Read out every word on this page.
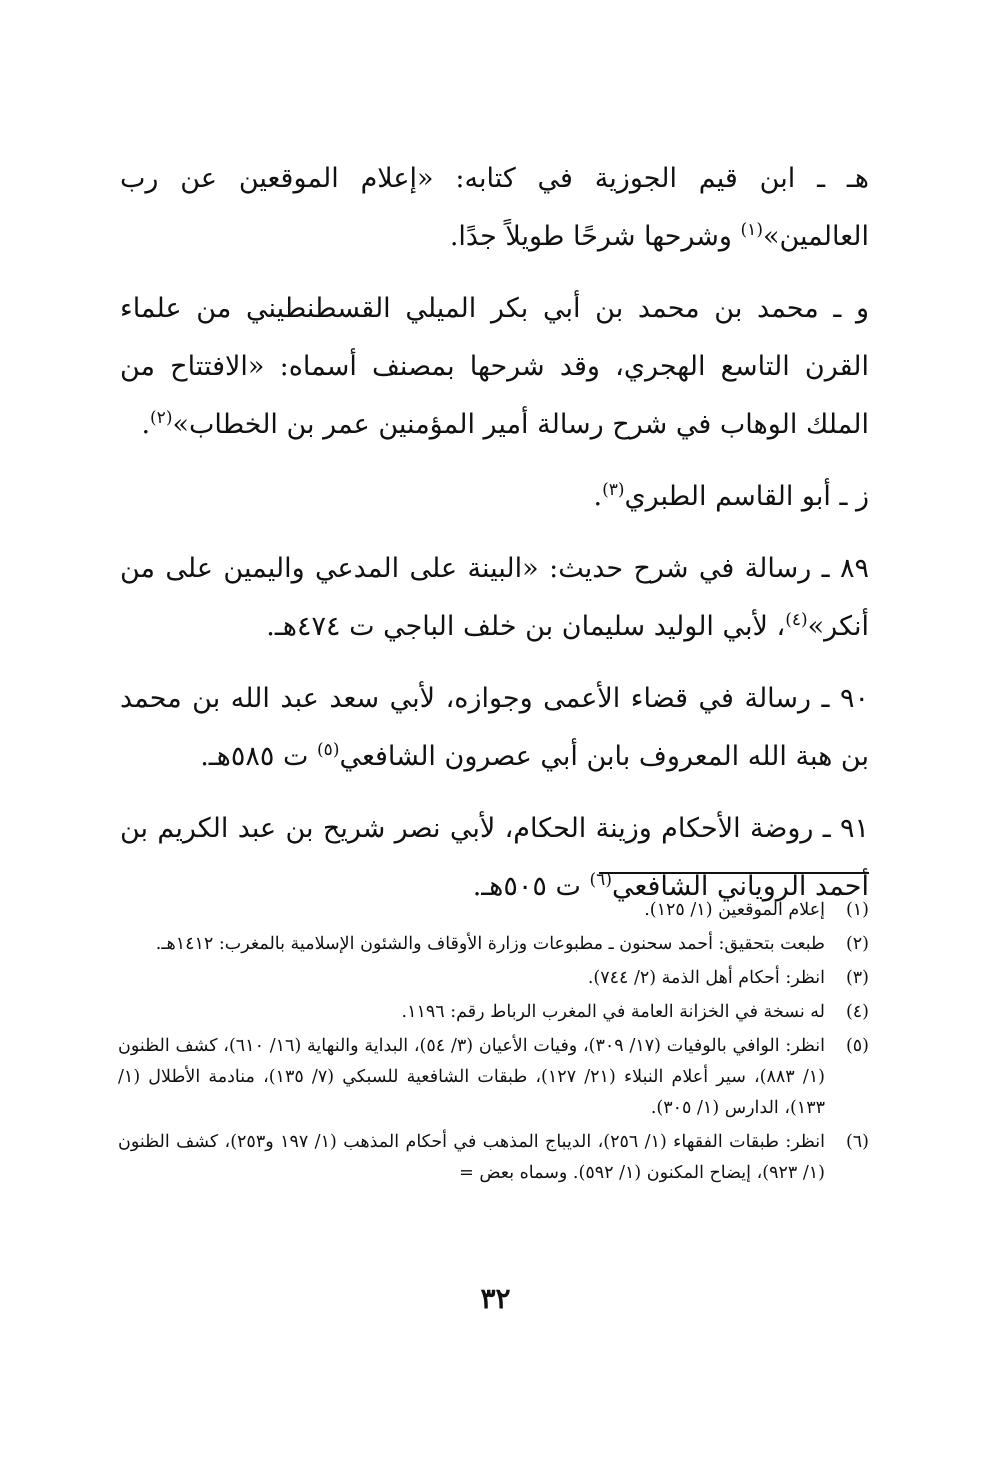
هـ ـ ابن قيم الجوزية في كتابه: «إعلام الموقعين عن رب العالمين»$^{(١)}$ وشرحها شرحًا طويلاً جدًا.

و ـ محمد بن محمد بن أبي بكر الميلي القسطنطيني من علماء القرن التاسع الهجري، وقد شرحها بمصنف أسماه: «الافتتاح من الملك الوهاب في شرح رسالة أمير المؤمنين عمر بن الخطاب»$^{(٢)}$.

ز ـ أبو القاسم الطبري$^{(٣)}$.

٨٩ ـ رسالة في شرح حديث: «البينة على المدعي واليمين على من أنكر»$^{(٤)}$، لأبي الوليد سليمان بن خلف الباجي ت ٤٧٤هـ.

٩٠ ـ رسالة في قضاء الأعمى وجوازه، لأبي سعد عبد الله بن محمد بن هبة الله المعروف بابن أبي عصرون الشافعي$^{(٥)}$ ت ٥٨٥هـ.

٩١ ـ روضة الأحكام وزينة الحكام، لأبي نصر شريح بن عبد الكريم بن أحمد الروياني الشافعي$^{(٦)}$ ت ٥٠٥هـ.

(١)
إعلام الموقعين (١/ ١٢٥).
(٢)
طبعت بتحقيق: أحمد سحنون ـ مطبوعات وزارة الأوقاف والشئون الإسلامية بالمغرب: ١٤١٢هـ.
(٣)
انظر: أحكام أهل الذمة (٢/ ٧٤٤).
(٤)
له نسخة في الخزانة العامة في المغرب الرباط رقم: ١١٩٦.
(٥)
انظر: الوافي بالوفيات (١٧/ ٣٠٩)، وفيات الأعيان (٣/ ٥٤)، البداية والنهاية (١٦/ ٦١٠)، كشف الظنون (١/ ٨٨٣)، سير أعلام النبلاء (٢١/ ١٢٧)، طبقات الشافعية للسبكي (٧/ ١٣٥)، منادمة الأطلال (١/ ١٣٣)، الدارس (١/ ٣٠٥).
(٦)
انظر: طبقات الفقهاء (١/ ٢٥٦)، الديباج المذهب في أحكام المذهب (١/ ١٩٧ و٢٥٣)، كشف الظنون (١/ ٩٢٣)، إيضاح المكنون (١/ ٥٩٢). وسماه بعض =
٣٢
